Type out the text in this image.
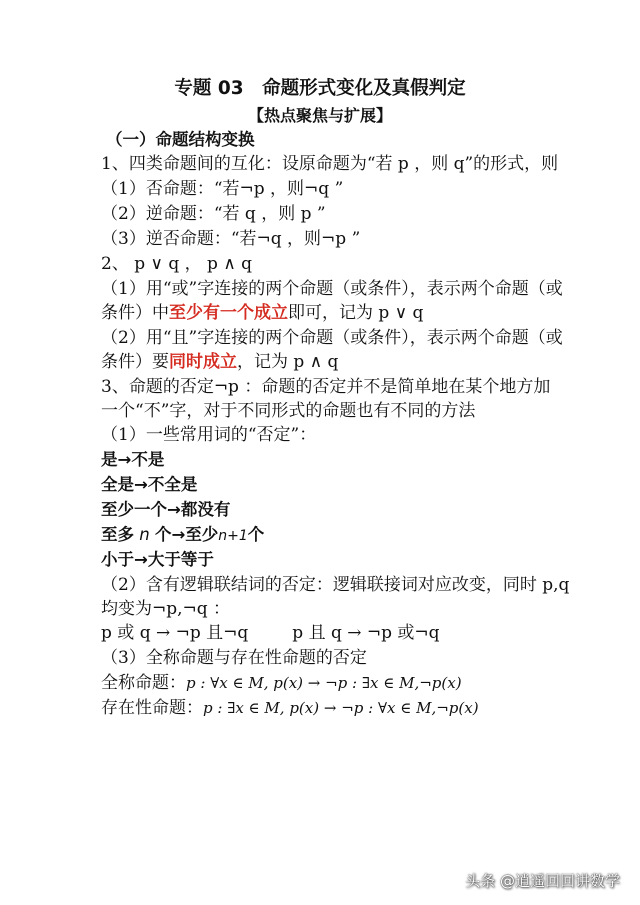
专题 03　命题形式变化及真假判定
【热点聚焦与扩展】
（一）命题结构变换
1、四类命题间的互化：设原命题为“若 p ，则 q”的形式，则
（1）否命题：“若¬p ，则¬q ”
（2）逆命题：“若 q ，则 p ”
（3）逆否命题：“若¬q ，则¬p ”
2、 p ∨ q ， p ∧ q
（1）用“或”字连接的两个命题（或条件），表示两个命题（或
条件）中至少有一个成立即可，记为 p ∨ q
（2）用“且”字连接的两个命题（或条件），表示两个命题（或
条件）要同时成立，记为 p ∧ q
3、命题的否定¬p ：命题的否定并不是简单地在某个地方加
一个“不”字，对于不同形式的命题也有不同的方法
（1）一些常用词的“否定”：
是→不是
全是→不全是
至少一个→都没有
至多 n 个→至少n+1个
小于→大于等于
（2）含有逻辑联结词的否定：逻辑联接词对应改变，同时 p,q
均变为¬p,¬q ：
p 或 q → ¬p 且¬q	p 且 q → ¬p 或¬q
（3）全称命题与存在性命题的否定
全称命题：p : ∀x ∈ M, p(x) → ¬p : ∃x ∈ M,¬p(x)
存在性命题：p : ∃x ∈ M, p(x) → ¬p : ∀x ∈ M,¬p(x)
头条 @逍遥回回讲数学
